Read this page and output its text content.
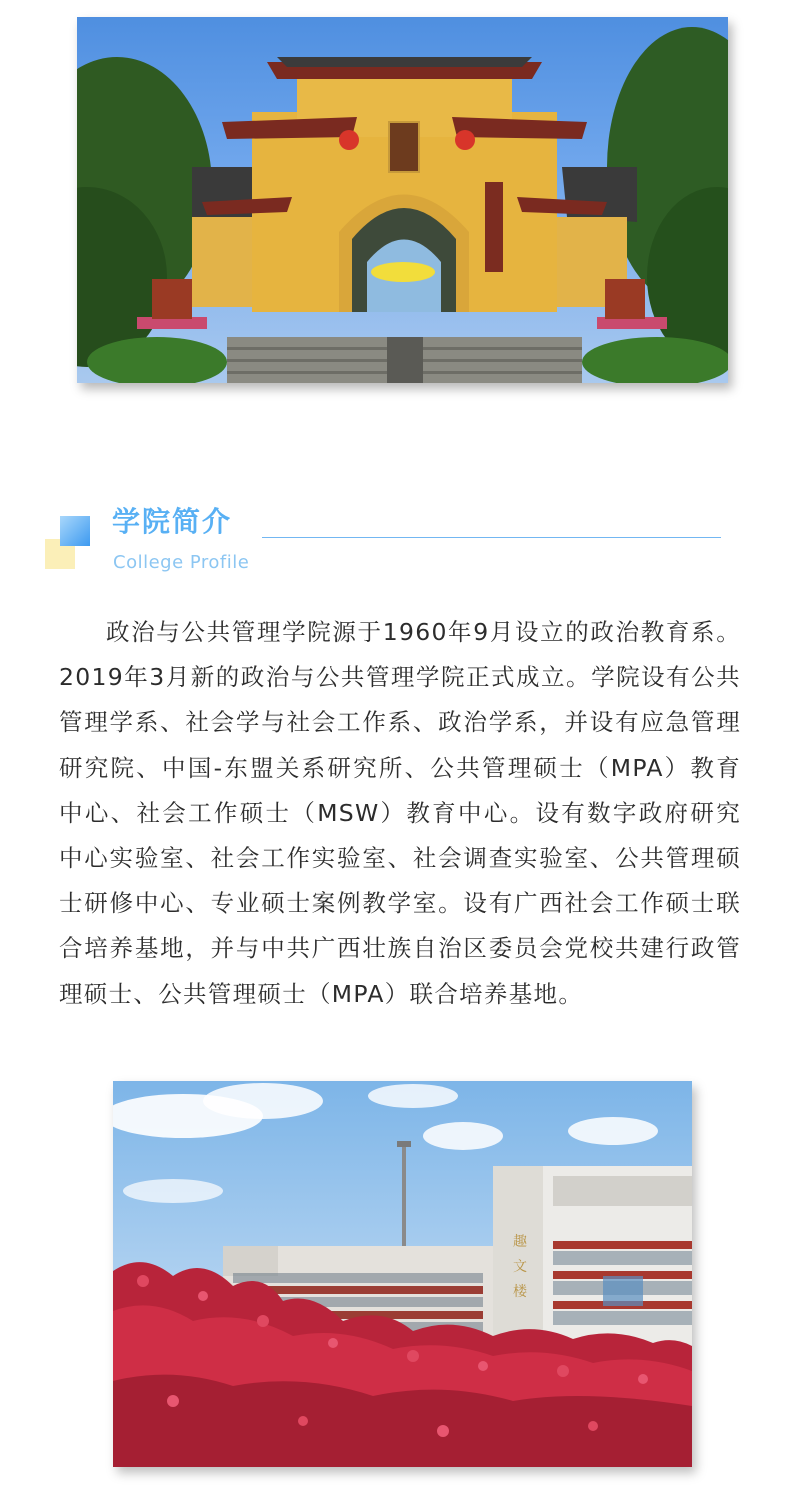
学院简介
College Profile

政治与公共管理学院源于1960年9月设立的政治教育系。2019年3月新的政治与公共管理学院正式成立。学院设有公共管理学系、社会学与社会工作系、政治学系，并设有应急管理研究院、中国-东盟关系研究所、公共管理硕士（MPA）教育中心、社会工作硕士（MSW）教育中心。设有数字政府研究中心实验室、社会工作实验室、社会调查实验室、公共管理硕士研修中心、专业硕士案例教学室。设有广西社会工作硕士联合培养基地，并与中共广西壮族自治区委员会党校共建行政管理硕士、公共管理硕士（MPA）联合培养基地。

趣
文
楼
